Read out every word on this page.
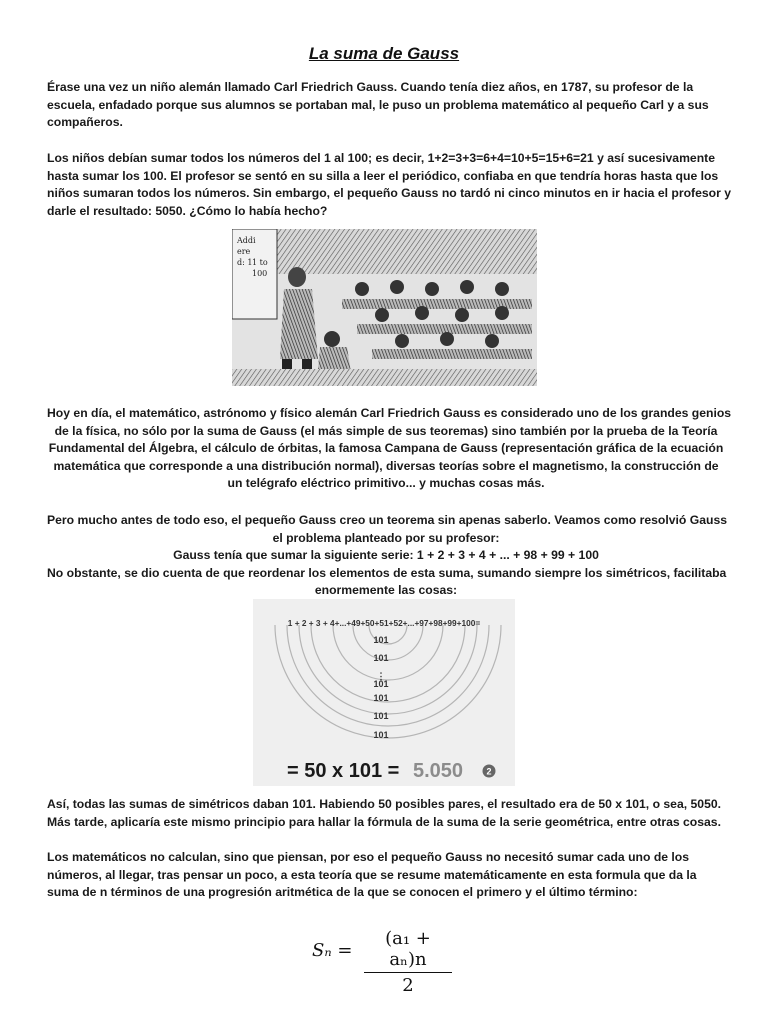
La suma de Gauss
Érase una vez un niño alemán llamado Carl Friedrich Gauss. Cuando tenía diez años, en 1787, su profesor de la
escuela, enfadado porque sus alumnos se portaban mal, le puso un problema matemático al pequeño Carl y a sus
compañeros.
Los niños debían sumar todos los números del 1 al 100; es decir, 1+2=3+3=6+4=10+5=15+6=21 y así sucesivamente
hasta sumar los 100. El profesor se sentó en su silla a leer el periódico, confiaba en que tendría horas hasta que los
niños sumaran todos los números. Sin embargo, el pequeño Gauss no tardó ni cinco minutos en ir hacia el profesor y
darle el resultado: 5050. ¿Cómo lo había hecho?
Addi
ere
d: 1 1 to
100
Hoy en día, el matemático, astrónomo y físico alemán Carl Friedrich Gauss es considerado uno de los grandes genios
de la física, no sólo por la suma de Gauss (el más simple de sus teoremas) sino también por la prueba de la Teoría
Fundamental del Álgebra, el cálculo de órbitas, la famosa Campana de Gauss (representación gráfica de la ecuación
matemática que corresponde a una distribución normal), diversas teorías sobre el magnetismo, la construcción de
un telégrafo eléctrico primitivo... y muchas cosas más.
Pero mucho antes de todo eso, el pequeño Gauss creo un teorema sin apenas saberlo. Veamos como resolvió Gauss
el problema planteado por su profesor:
Gauss tenía que sumar la siguiente serie: 1 + 2 + 3 + 4 + ... + 98 + 99 + 100
No obstante, se dio cuenta de que reordenar los elementos de esta suma, sumando siempre los simétricos, facilitaba
enormemente las cosas:
1 + 2 + 3 + 4+...+49+50+51+52+...+97+98+99+100=
101
101
⋮
101
101
101
101
= 50 x 101 = 5.050	2
Así, todas las sumas de simétricos daban 101. Habiendo 50 posibles pares, el resultado era de 50 x 101, o sea, 5050.
Más tarde, aplicaría este mismo principio para hallar la fórmula de la suma de la serie geométrica, entre otras cosas.
Los matemáticos no calculan, sino que piensan, por eso el pequeño Gauss no necesitó sumar cada uno de los
números, al llegar, tras pensar un poco, a esta teoría que se resume matemáticamente en esta formula que da la
suma de n términos de una progresión aritmética de la que se conocen el primero y el último término:
Sₙ =
(a₁ + aₙ)n
2
